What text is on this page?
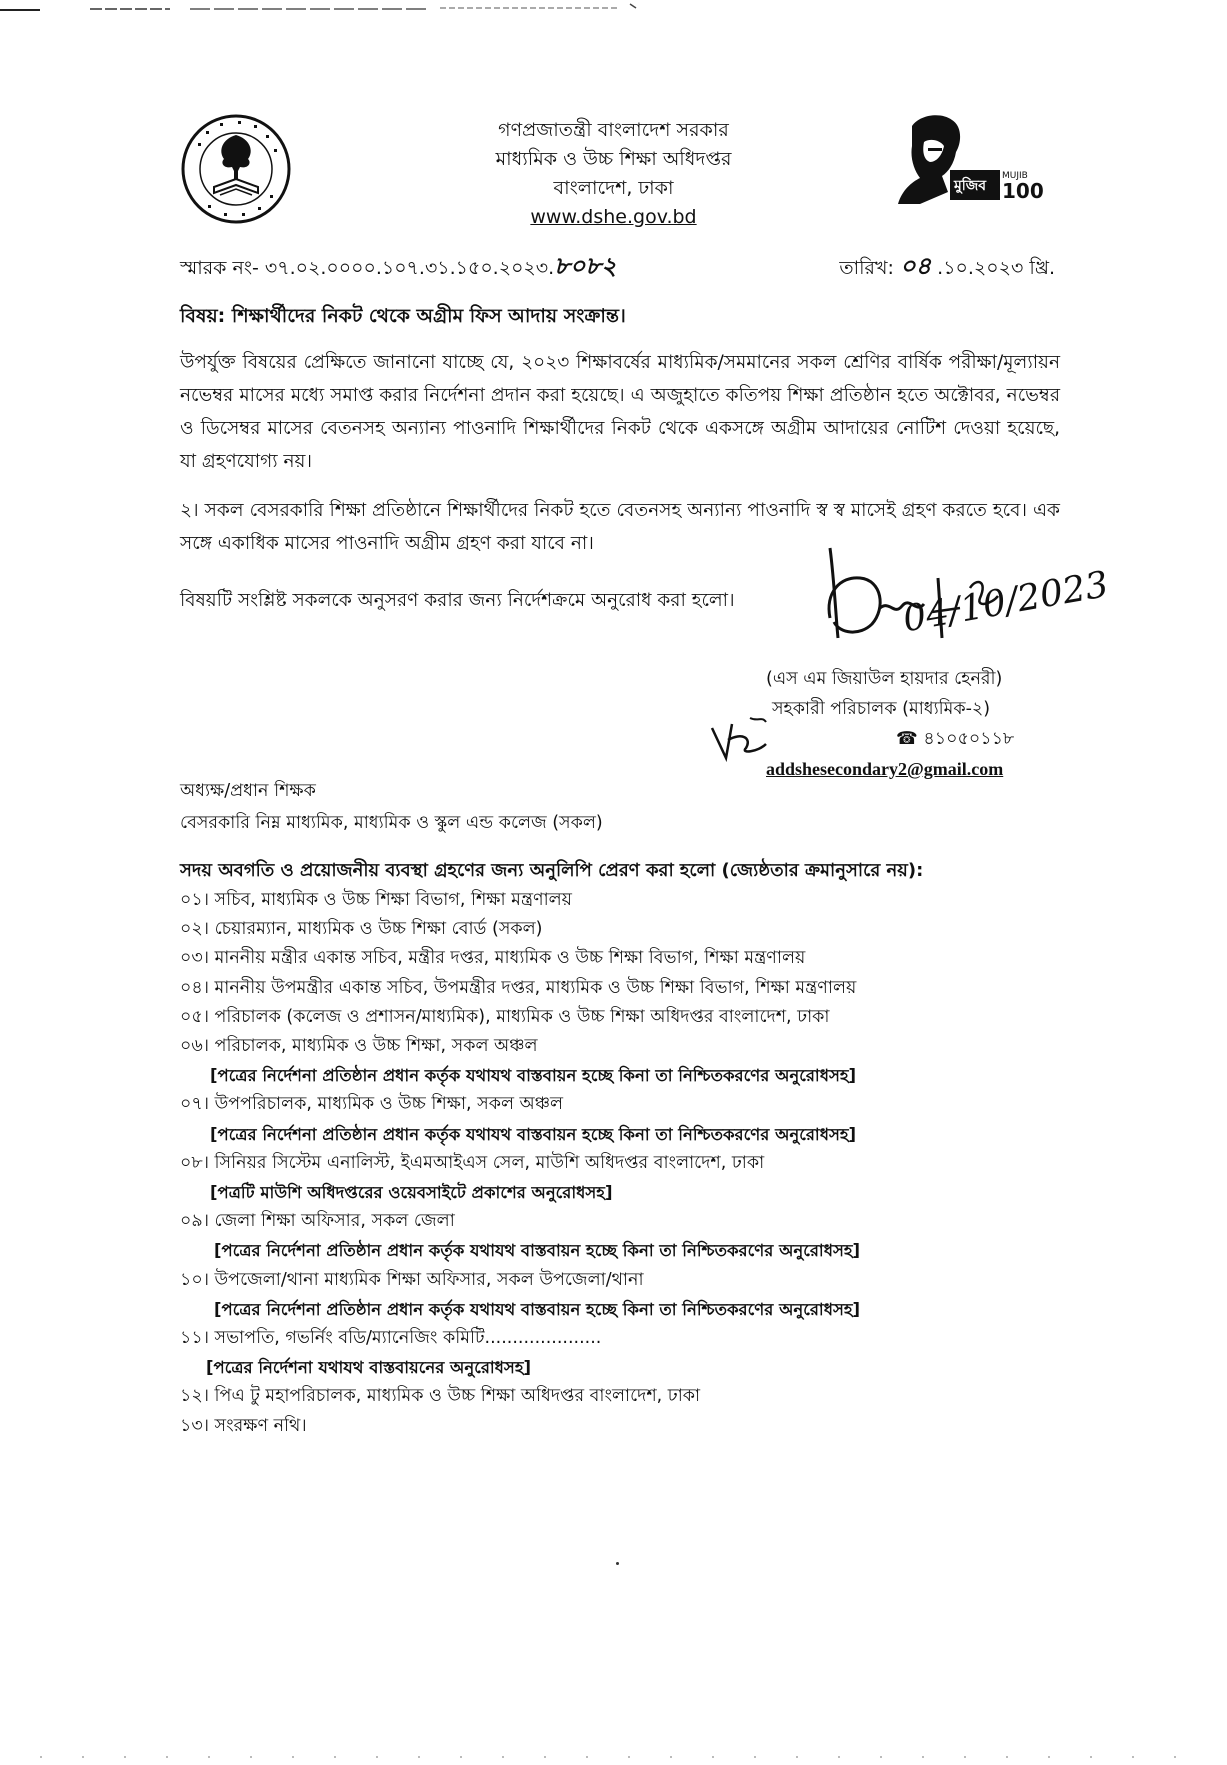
মুজিব
MUJIB
100
গণপ্রজাতন্ত্রী বাংলাদেশ সরকার
মাধ্যমিক ও উচ্চ শিক্ষা অধিদপ্তর
বাংলাদেশ, ঢাকা
www.dshe.gov.bd
স্মারক নং- ৩৭.০২.০০০০.১০৭.৩১.১৫০.২০২৩.৮০৮২	তারিখ: ০৪ .১০.২০২৩ খ্রি.
বিষয়: শিক্ষার্থীদের নিকট থেকে অগ্রীম ফিস আদায় সংক্রান্ত।
উপর্যুক্ত বিষয়ের প্রেক্ষিতে জানানো যাচ্ছে যে, ২০২৩ শিক্ষাবর্ষের মাধ্যমিক/সমমানের সকল শ্রেণির বার্ষিক পরীক্ষা/মূল্যায়ন নভেম্বর মাসের মধ্যে সমাপ্ত করার নির্দেশনা প্রদান করা হয়েছে। এ অজুহাতে কতিপয় শিক্ষা প্রতিষ্ঠান হতে অক্টোবর, নভেম্বর ও ডিসেম্বর মাসের বেতনসহ অন্যান্য পাওনাদি শিক্ষার্থীদের নিকট থেকে একসঙ্গে অগ্রীম আদায়ের নোটিশ দেওয়া হয়েছে, যা গ্রহণযোগ্য নয়।
২। সকল বেসরকারি শিক্ষা প্রতিষ্ঠানে শিক্ষার্থীদের নিকট হতে বেতনসহ অন্যান্য পাওনাদি স্ব স্ব মাসেই গ্রহণ করতে হবে। এক সঙ্গে একাধিক মাসের পাওনাদি অগ্রীম গ্রহণ করা যাবে না।
বিষয়টি সংশ্লিষ্ট সকলকে অনুসরণ করার জন্য নির্দেশক্রমে অনুরোধ করা হলো।	04/10/2023
(এস এম জিয়াউল হায়দার হেনরী)
সহকারী পরিচালক (মাধ্যমিক-২)
☎ ৪১০৫০১১৮
addshesecondary2@gmail.com
অধ্যক্ষ/প্রধান শিক্ষক
বেসরকারি নিম্ন মাধ্যমিক, মাধ্যমিক ও স্কুল এন্ড কলেজ (সকল)
সদয় অবগতি ও প্রয়োজনীয় ব্যবস্থা গ্রহণের জন্য অনুলিপি প্রেরণ করা হলো (জ্যেষ্ঠতার ক্রমানুসারে নয়):
০১। সচিব, মাধ্যমিক ও উচ্চ শিক্ষা বিভাগ, শিক্ষা মন্ত্রণালয়
০২। চেয়ারম্যান, মাধ্যমিক ও উচ্চ শিক্ষা বোর্ড (সকল)
০৩। মাননীয় মন্ত্রীর একান্ত সচিব, মন্ত্রীর দপ্তর, মাধ্যমিক ও উচ্চ শিক্ষা বিভাগ, শিক্ষা মন্ত্রণালয়
০৪। মাননীয় উপমন্ত্রীর একান্ত সচিব, উপমন্ত্রীর দপ্তর, মাধ্যমিক ও উচ্চ শিক্ষা বিভাগ, শিক্ষা মন্ত্রণালয়
০৫। পরিচালক (কলেজ ও প্রশাসন/মাধ্যমিক), মাধ্যমিক ও উচ্চ শিক্ষা অধিদপ্তর বাংলাদেশ, ঢাকা
০৬। পরিচালক, মাধ্যমিক ও উচ্চ শিক্ষা, সকল অঞ্চল
[পত্রের নির্দেশনা প্রতিষ্ঠান প্রধান কর্তৃক যথাযথ বাস্তবায়ন হচ্ছে কিনা তা নিশ্চিতকরণের অনুরোধসহ]
০৭। উপপরিচালক, মাধ্যমিক ও উচ্চ শিক্ষা, সকল অঞ্চল
[পত্রের নির্দেশনা প্রতিষ্ঠান প্রধান কর্তৃক যথাযথ বাস্তবায়ন হচ্ছে কিনা তা নিশ্চিতকরণের অনুরোধসহ]
০৮। সিনিয়র সিস্টেম এনালিস্ট, ইএমআইএস সেল, মাউশি অধিদপ্তর বাংলাদেশ, ঢাকা
[পত্রটি মাউশি অধিদপ্তরের ওয়েবসাইটে প্রকাশের অনুরোধসহ]
০৯। জেলা শিক্ষা অফিসার, সকল জেলা
[পত্রের নির্দেশনা প্রতিষ্ঠান প্রধান কর্তৃক যথাযথ বাস্তবায়ন হচ্ছে কিনা তা নিশ্চিতকরণের অনুরোধসহ]
১০। উপজেলা/থানা মাধ্যমিক শিক্ষা অফিসার, সকল উপজেলা/থানা
[পত্রের নির্দেশনা প্রতিষ্ঠান প্রধান কর্তৃক যথাযথ বাস্তবায়ন হচ্ছে কিনা তা নিশ্চিতকরণের অনুরোধসহ]
১১। সভাপতি, গভর্নিং বডি/ম্যানেজিং কমিটি.....................
[পত্রের নির্দেশনা যথাযথ বাস্তবায়নের অনুরোধসহ]
১২। পিএ টু মহাপরিচালক, মাধ্যমিক ও উচ্চ শিক্ষা অধিদপ্তর বাংলাদেশ, ঢাকা
১৩। সংরক্ষণ নথি।
